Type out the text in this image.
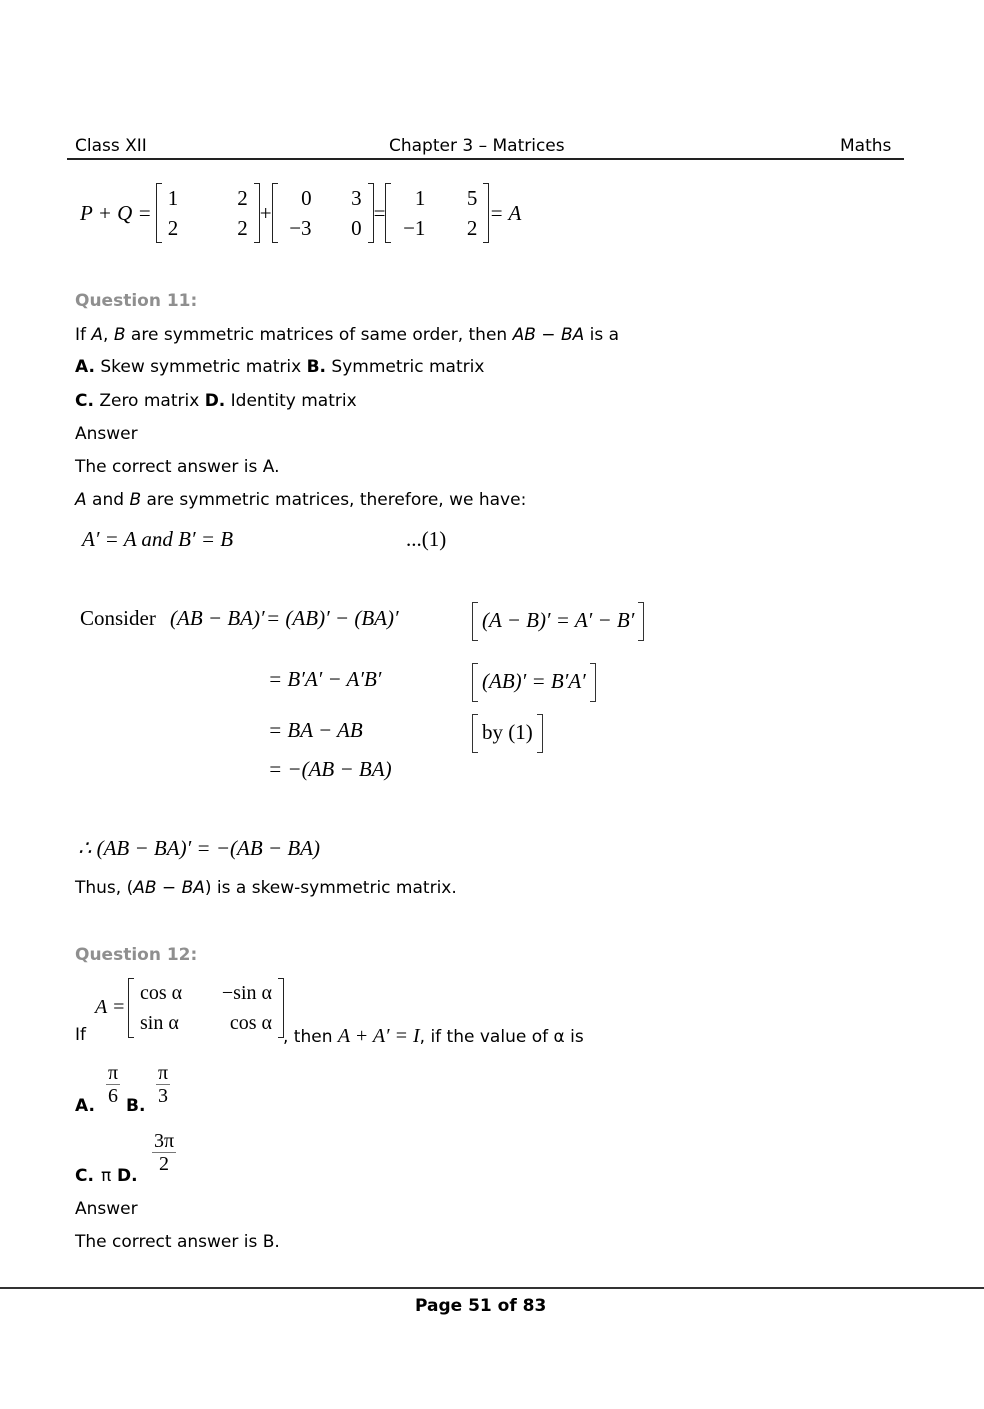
Class XII	Chapter 3 – Matrices	Maths
P + Q =
1	2
2	2
+
0	3
−3	0
=
1	5
−1	2
= A
Question 11:
If A, B are symmetric matrices of same order, then AB − BA is a
A. Skew symmetric matrix B. Symmetric matrix
C. Zero matrix D. Identity matrix
Answer
The correct answer is A.
A and B are symmetric matrices, therefore, we have:
A′ = A and B′ = B	...(1)
Consider (AB − BA)′ = (AB)′ − (BA)′	(A − B)′ = A′ − B′
= B′A′ − A′B′	(AB)′ = B′A′
= BA − AB	by (1)
= −(AB − BA)
∴ (AB − BA)′ = −(AB − BA)
Thus, (AB − BA) is a skew-symmetric matrix.
Question 12:
If
A =
cos α	−sin α
sin α	cos α
, then A + A′ = I, if the value of α is
A. $\frac{\pi}{6} B$. $\frac{\pi}{3}$
C. π D.
$\frac{3\pi}{2}$
Answer
The correct answer is B.
Page 51 of 83
